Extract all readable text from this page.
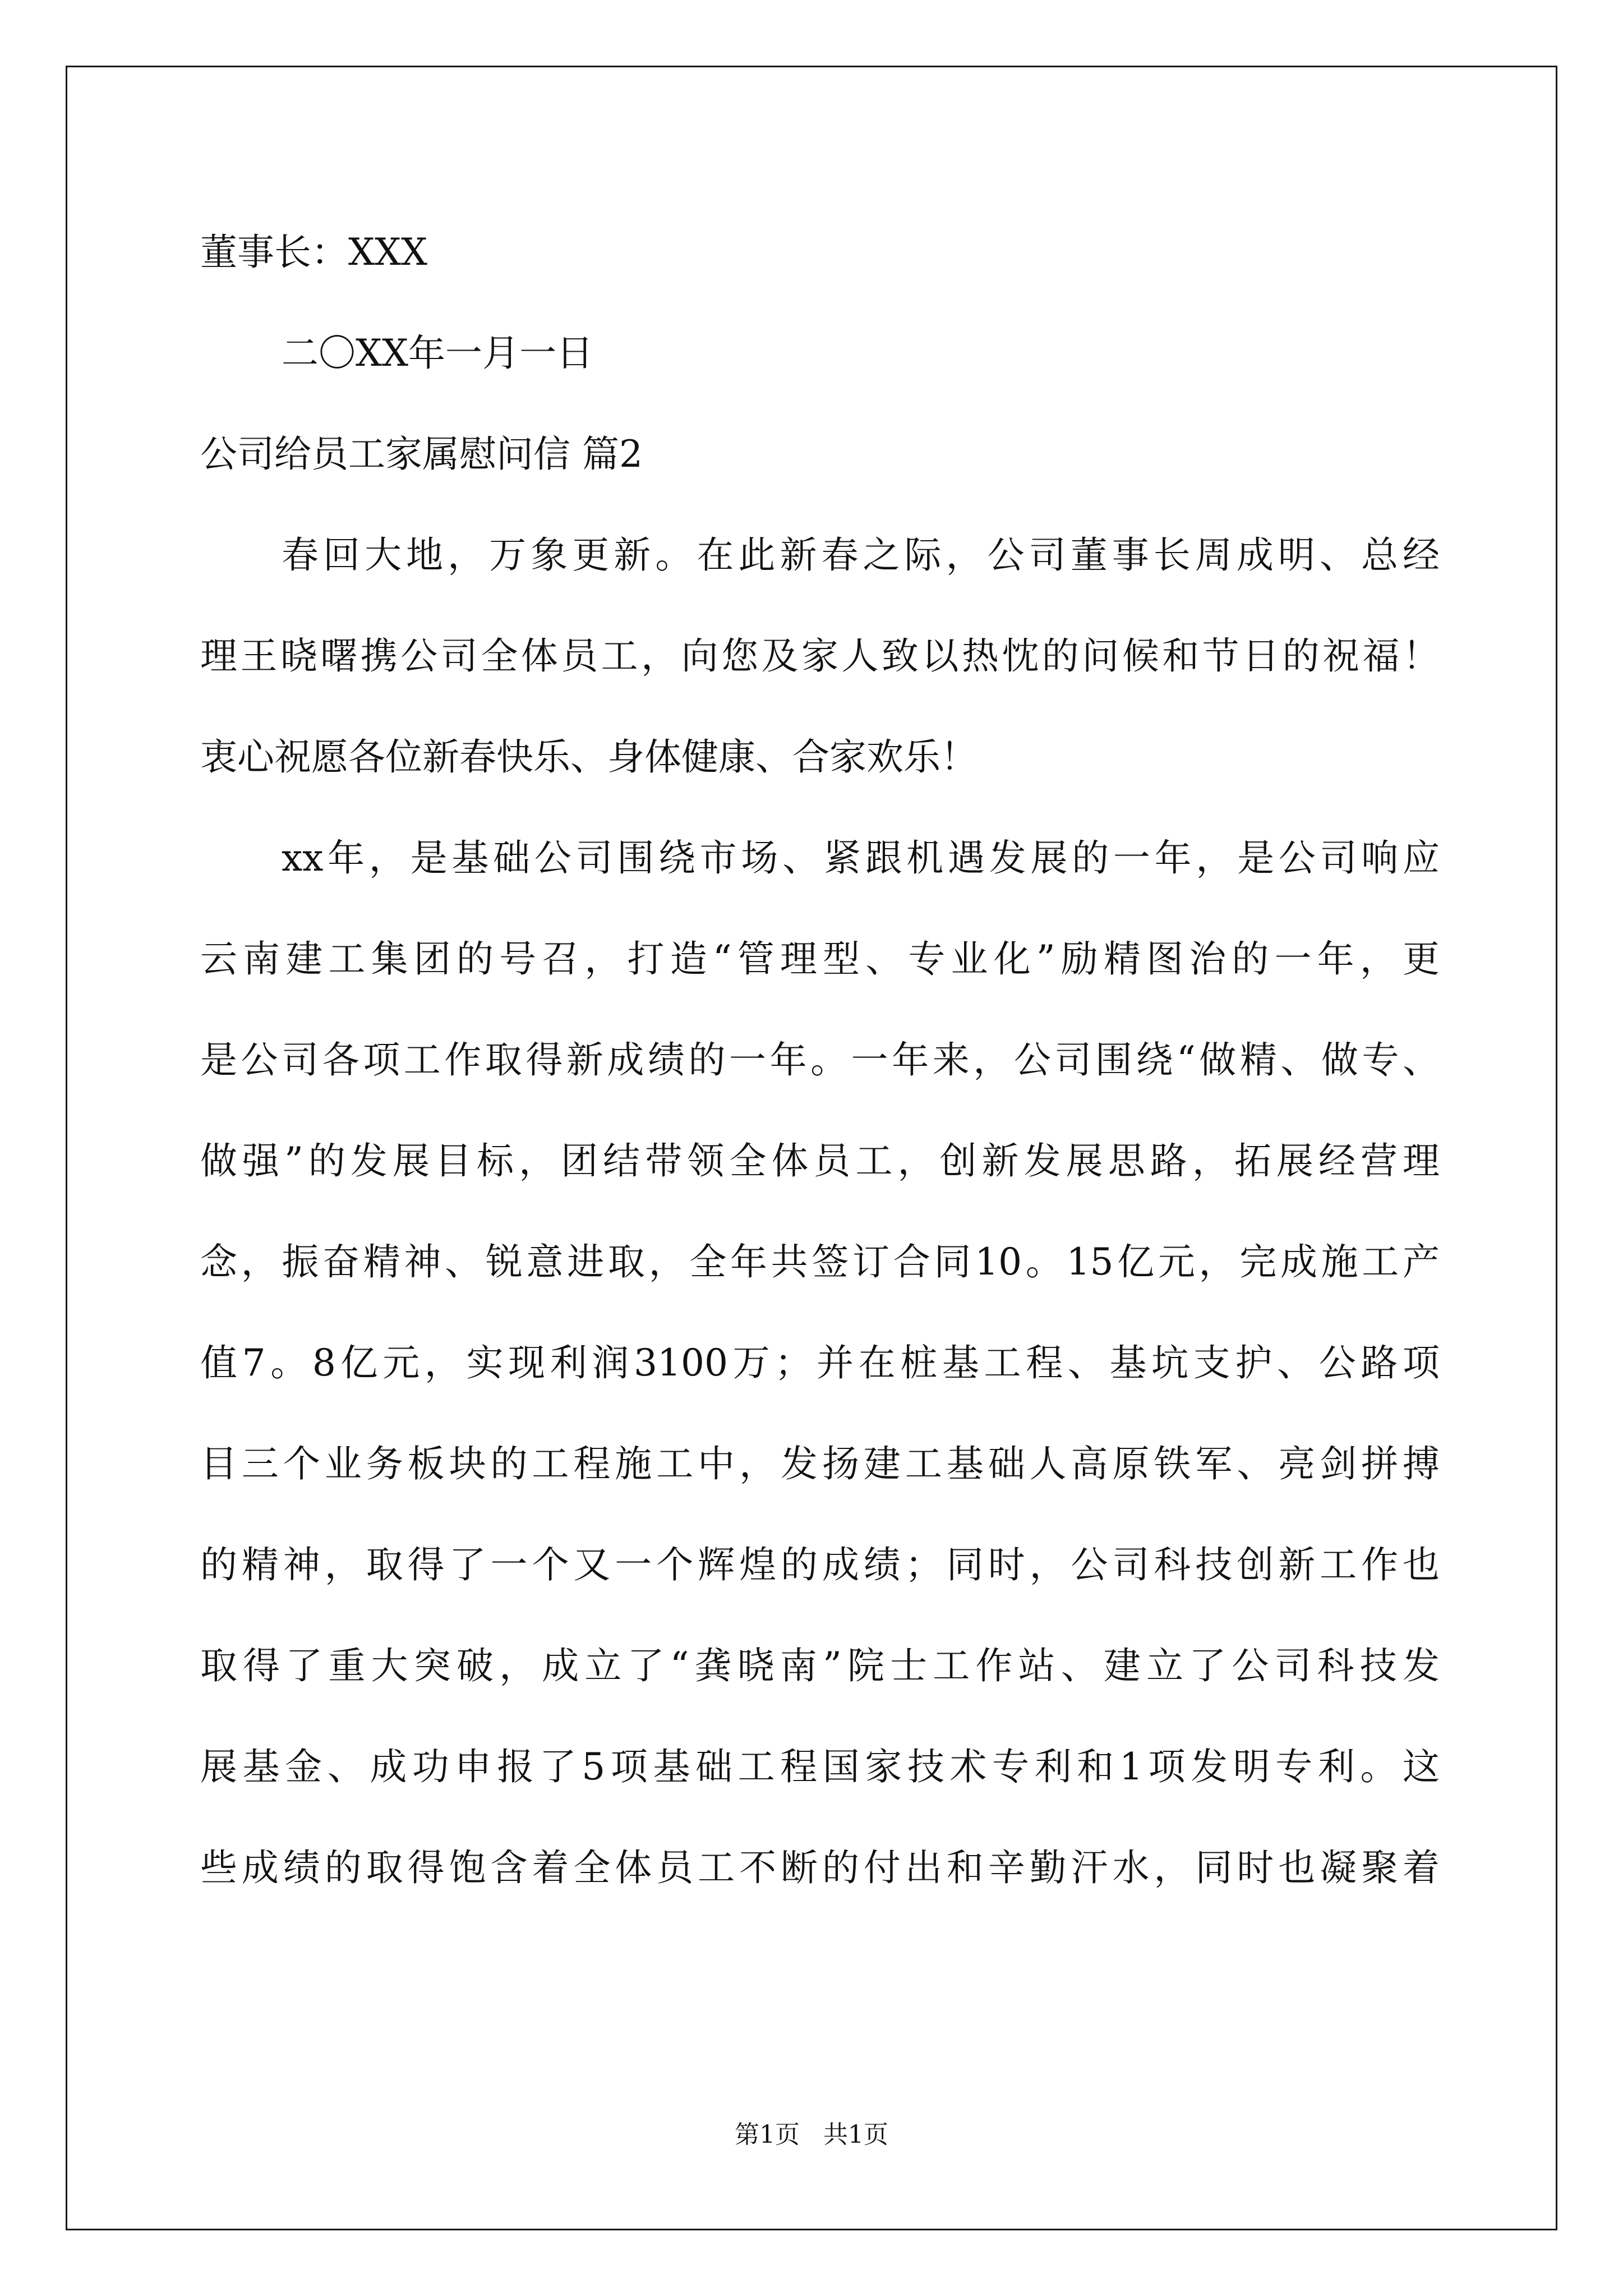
董事长：XXX
二〇XX年一月一日
公司给员工家属慰问信 篇2
春回大地，万象更新。在此新春之际，公司董事长周成明、总经
理王晓曙携公司全体员工，向您及家人致以热忱的问候和节日的祝福！
衷心祝愿各位新春快乐、身体健康、合家欢乐！
xx年，是基础公司围绕市场、紧跟机遇发展的一年，是公司响应
云南建工集团的号召，打造“管理型、专业化”励精图治的一年，更
是公司各项工作取得新成绩的一年。一年来，公司围绕“做精、做专、
做强”的发展目标，团结带领全体员工，创新发展思路，拓展经营理
念，振奋精神、锐意进取，全年共签订合同10。15亿元，完成施工产
值7。8亿元，实现利润3100万；并在桩基工程、基坑支护、公路项
目三个业务板块的工程施工中，发扬建工基础人高原铁军、亮剑拼搏
的精神，取得了一个又一个辉煌的成绩；同时，公司科技创新工作也
取得了重大突破，成立了“龚晓南”院士工作站、建立了公司科技发
展基金、成功申报了5项基础工程国家技术专利和1项发明专利。这
些成绩的取得饱含着全体员工不断的付出和辛勤汗水，同时也凝聚着
第1页   共1页
